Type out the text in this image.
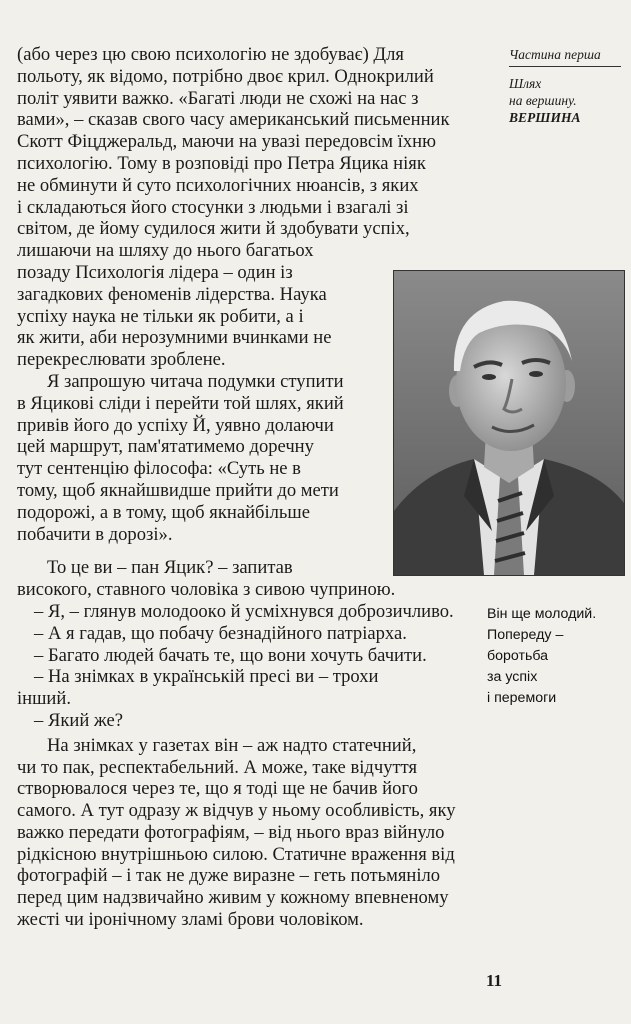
Частина перша
Шлях
на вершину.
ВЕРШИНА

(або через цю свою психологію не здобуває) Для
польоту, як відомо, потрібно двоє крил. Однокрилий
політ уявити важко. «Багаті люди не схожі на нас з
вами», – сказав свого часу американський письменник
Скотт Фіцджеральд, маючи на увазі передовсім їхню
психологію. Тому в розповіді про Петра Яцика ніяк
не обминути й суто психологічних нюансів, з яких
і складаються його стосунки з людьми і взагалі зі
світом, де йому судилося жити й здобувати успіх,
лишаючи на шляху до нього багатьох
позаду Психологія лідера – один із
загадкових феноменів лідерства. Наука
успіху наука не тільки як робити, а і
як жити, аби нерозумними вчинками не
перекреслювати зроблене.

Я запрошую читача подумки ступити
в Яцикові сліди і перейти той шлях, який
привів його до успіху Й, уявно долаючи
цей маршрут, пам'ятатимемо доречну
тут сентенцію філософа: «Суть не в
тому, щоб якнайшвидше прийти до мети
подорожі, а в тому, щоб якнайбільше
побачити в дорозі».

То це ви – пан Яцик? – запитав
високого, ставного чоловіка з сивою чуприною.
– Я, – глянув молодоокo й усміхнувся доброзичливо.
– А я гадав, що побачу безнадійного патріарха.
– Багато людей бачать те, що вони хочуть бачити.
– На знімках в українській пресі ви – трохи
інший.
– Який же?

На знімках у газетах він – аж надто статечний,
чи то пак, респектабельний. А може, таке відчуття
створювалося через те, що я тоді ще не бачив його
самого. А тут одразу ж відчув у ньому особливість, яку
важко передати фотографіям, – від нього враз війнуло
рідкісною внутрішньою силою. Статичне враження від
фотографій – і так не дуже виразне – геть потьмяніло
перед цим надзвичайно живим у кожному впевненому
жесті чи іронічному зламі брови чоловіком.

Він ще молодий.
Попереду –
боротьба
за успіх
і перемоги
11
